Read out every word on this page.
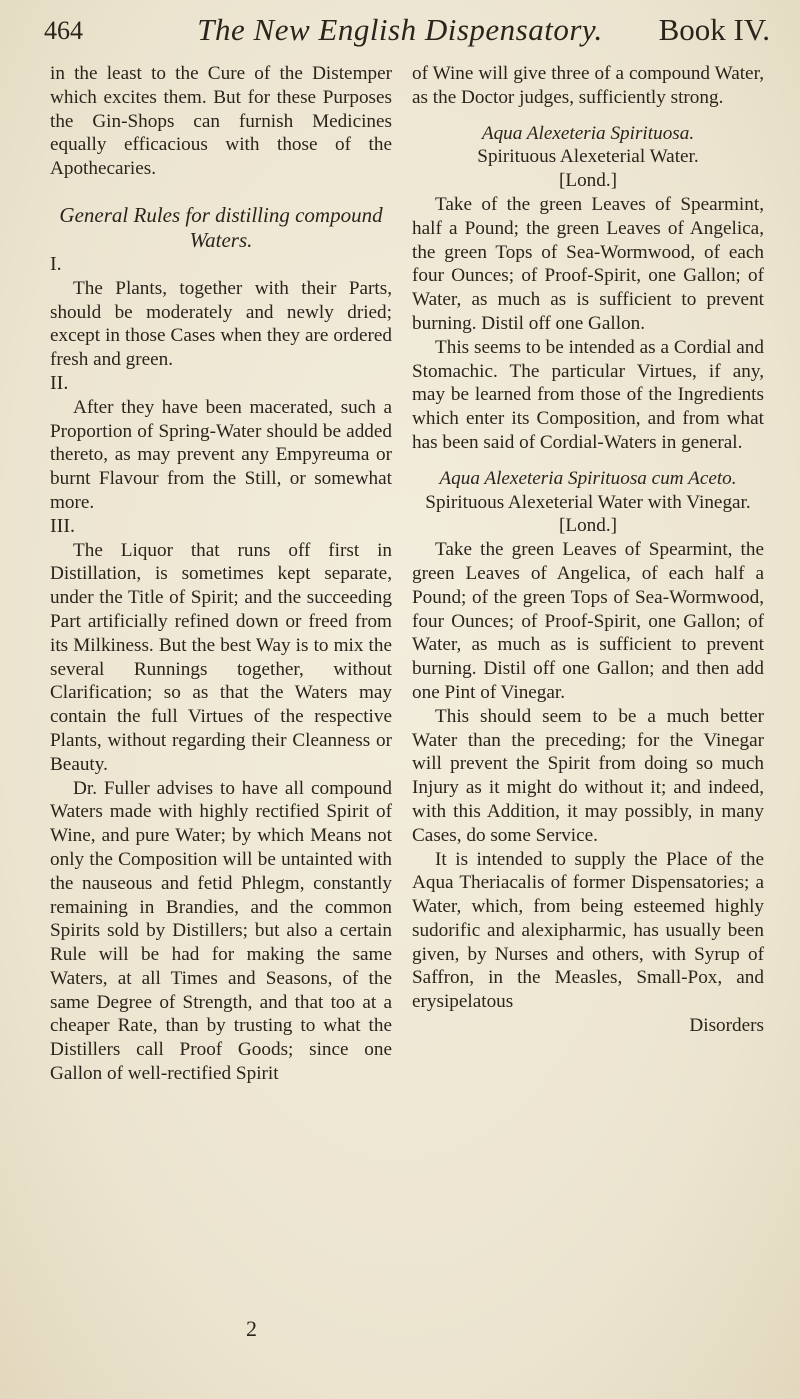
464	The New English Dispensatory.	Book IV.

in the least to the Cure of the Distemper which excites them. But for these Purposes the Gin-Shops can furnish Medicines equally efficacious with those of the Apothecaries.

General Rules for distilling compound Waters.

I.

The Plants, together with their Parts, should be moderately and newly dried; except in those Cases when they are ordered fresh and green.

II.

After they have been macerated, such a Proportion of Spring-Water should be added thereto, as may prevent any Empyreuma or burnt Flavour from the Still, or somewhat more.

III.

The Liquor that runs off first in Distillation, is sometimes kept separate, under the Title of Spirit; and the succeeding Part artificially refined down or freed from its Milkiness. But the best Way is to mix the several Runnings together, without Clarification; so as that the Waters may contain the full Virtues of the respective Plants, without regarding their Cleanness or Beauty.

Dr. Fuller advises to have all compound Waters made with highly rectified Spirit of Wine, and pure Water; by which Means not only the Composition will be untainted with the nauseous and fetid Phlegm, constantly remaining in Brandies, and the common Spirits sold by Distillers; but also a certain Rule will be had for making the same Waters, at all Times and Seasons, of the same Degree of Strength, and that too at a cheaper Rate, than by trusting to what the Distillers call Proof Goods; since one Gallon of well-rectified Spirit

of Wine will give three of a compound Water, as the Doctor judges, sufficiently strong.

Aqua Alexeteria Spirituosa.

Spirituous Alexeterial Water.

[Lond.]

Take of the green Leaves of Spearmint, half a Pound; the green Leaves of Angelica, the green Tops of Sea-Wormwood, of each four Ounces; of Proof-Spirit, one Gallon; of Water, as much as is sufficient to prevent burning. Distil off one Gallon.

This seems to be intended as a Cordial and Stomachic. The particular Virtues, if any, may be learned from those of the Ingredients which enter its Composition, and from what has been said of Cordial-Waters in general.

Aqua Alexeteria Spirituosa cum Aceto.

Spirituous Alexeterial Water with Vinegar.

[Lond.]

Take the green Leaves of Spearmint, the green Leaves of Angelica, of each half a Pound; of the green Tops of Sea-Wormwood, four Ounces; of Proof-Spirit, one Gallon; of Water, as much as is sufficient to prevent burning. Distil off one Gallon; and then add one Pint of Vinegar.

This should seem to be a much better Water than the preceding; for the Vinegar will prevent the Spirit from doing so much Injury as it might do without it; and indeed, with this Addition, it may possibly, in many Cases, do some Service.

It is intended to supply the Place of the Aqua Theriacalis of former Dispensatories; a Water, which, from being esteemed highly sudorific and alexipharmic, has usually been given, by Nurses and others, with Syrup of Saffron, in the Measles, Small-Pox, and erysipelatous

Disorders

2
